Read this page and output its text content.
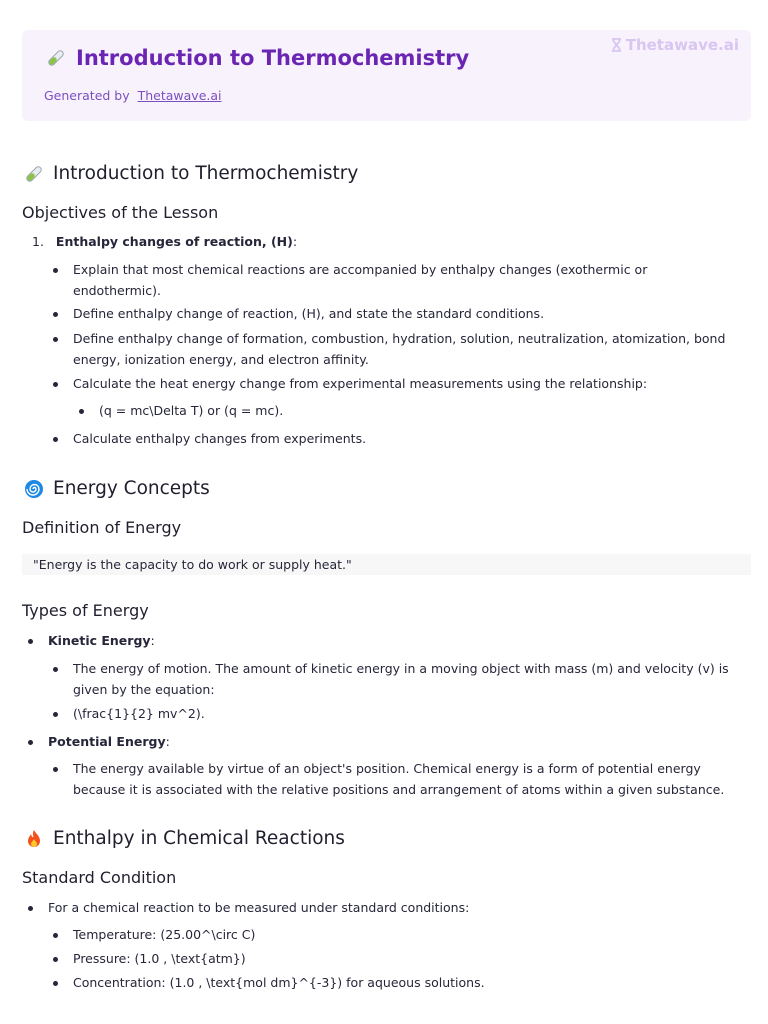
Thetawave.ai
Introduction to Thermochemistry
Generated by Thetawave.ai
Introduction to Thermochemistry
Objectives of the Lesson
1. Enthalpy changes of reaction, (H):
Explain that most chemical reactions are accompanied by enthalpy changes (exothermic or
endothermic).
Define enthalpy change of reaction, (H), and state the standard conditions.
Define enthalpy change of formation, combustion, hydration, solution, neutralization, atomization, bond
energy, ionization energy, and electron affinity.
Calculate the heat energy change from experimental measurements using the relationship:
(q = mc\Delta T) or (q = mc).
Calculate enthalpy changes from experiments.
Energy Concepts
Definition of Energy
"Energy is the capacity to do work or supply heat."
Types of Energy
Kinetic Energy:
The energy of motion. The amount of kinetic energy in a moving object with mass (m) and velocity (v) is
given by the equation:
(\frac{1}{2} mv^2).
Potential Energy:
The energy available by virtue of an object's position. Chemical energy is a form of potential energy
because it is associated with the relative positions and arrangement of atoms within a given substance.
Enthalpy in Chemical Reactions
Standard Condition
For a chemical reaction to be measured under standard conditions:
Temperature: (25.00^\circ C)
Pressure: (1.0 , \text{atm})
Concentration: (1.0 , \text{mol dm}^{-3}) for aqueous solutions.
